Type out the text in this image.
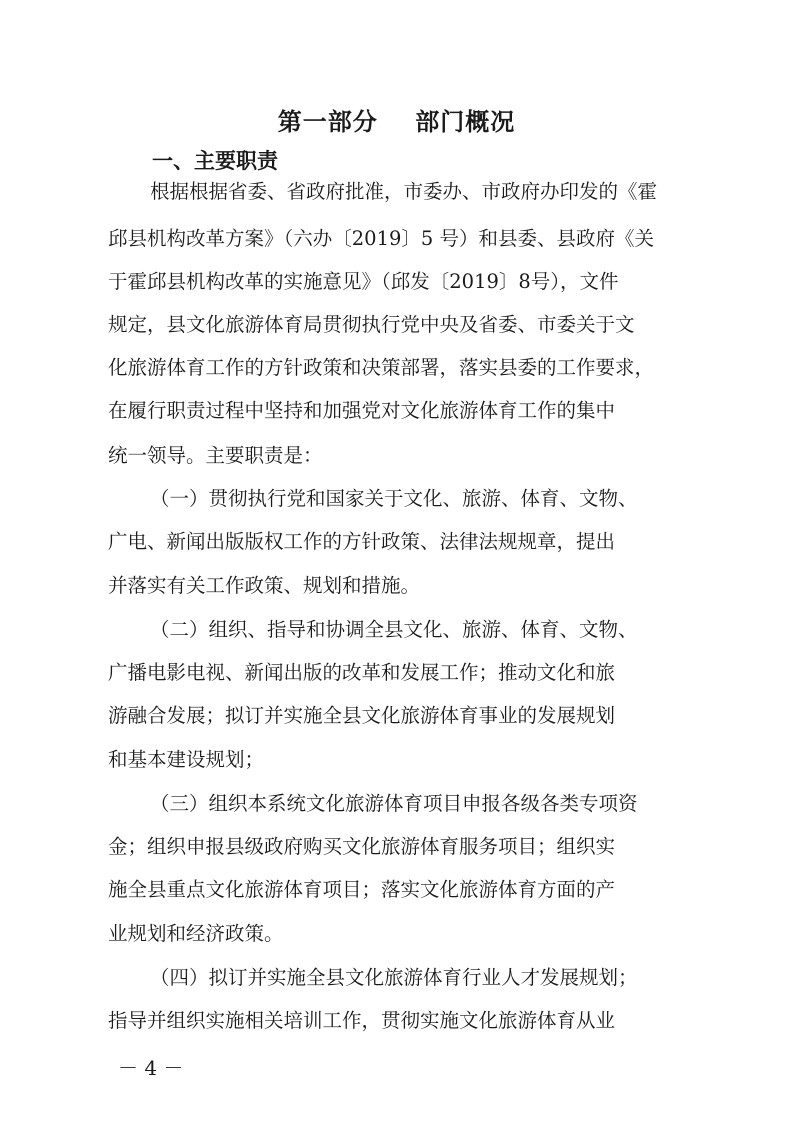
第一部分    部门概况
一、主要职责
根据根据省委、省政府批准，市委办、市政府办印发的《霍
邱县机构改革方案》（六办〔2019〕5 号）和县委、县政府《关
于霍邱县机构改革的实施意见》（邱发〔2019〕8号），文件
规定，县文化旅游体育局贯彻执行党中央及省委、市委关于文
化旅游体育工作的方针政策和决策部署，落实县委的工作要求，
在履行职责过程中坚持和加强党对文化旅游体育工作的集中
统一领导。主要职责是：
（一）贯彻执行党和国家关于文化、旅游、体育、文物、
广电、新闻出版版权工作的方针政策、法律法规规章，提出
并落实有关工作政策、规划和措施。
（二）组织、指导和协调全县文化、旅游、体育、文物、
广播电影电视、新闻出版的改革和发展工作；推动文化和旅
游融合发展；拟订并实施全县文化旅游体育事业的发展规划
和基本建设规划；
（三）组织本系统文化旅游体育项目申报各级各类专项资
金；组织申报县级政府购买文化旅游体育服务项目；组织实
施全县重点文化旅游体育项目；落实文化旅游体育方面的产
业规划和经济政策。
（四）拟订并实施全县文化旅游体育行业人才发展规划；
指导并组织实施相关培训工作，贯彻实施文化旅游体育从业
－ 4 －
